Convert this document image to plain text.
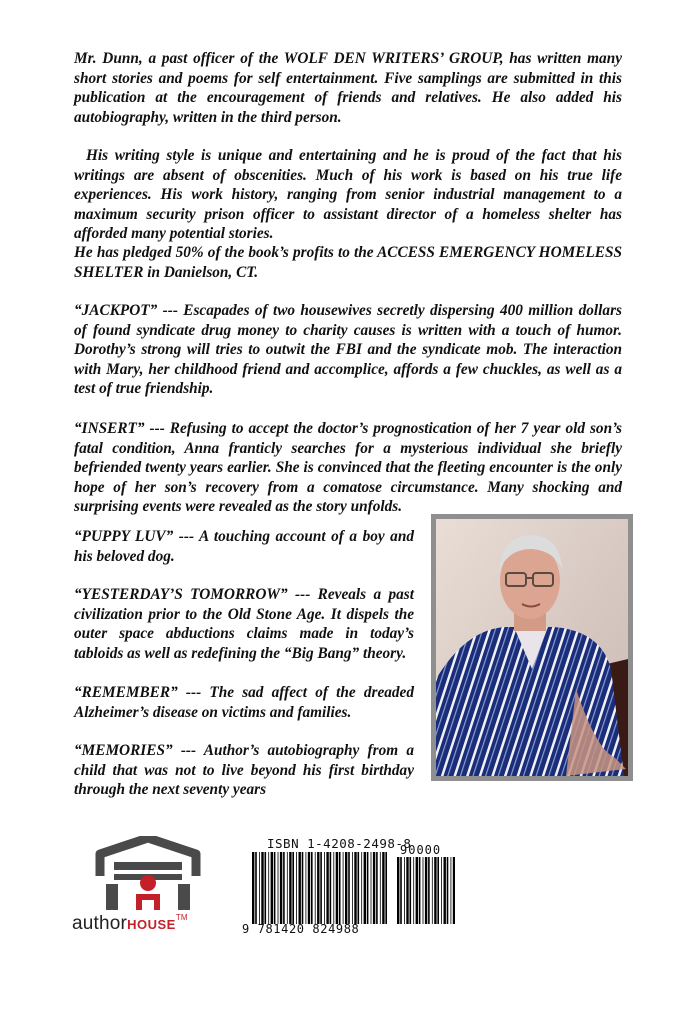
Mr. Dunn, a past officer of the WOLF DEN WRITERS’ GROUP, has written many short stories and poems for self entertainment. Five samplings are submitted in this publication at the encouragement of friends and relatives. He also added his autobiography, written in the third person.

His writing style is unique and entertaining and he is proud of the fact that his writings are absent of obscenities. Much of his work is based on his true life experiences. His work history, ranging from senior industrial management to a maximum security prison officer to assistant director of a homeless shelter has afforded many potential stories.

He has pledged 50% of the book’s profits to the ACCESS EMERGENCY HOMELESS SHELTER in Danielson, CT.

“JACKPOT” --- Escapades of two housewives secretly dispersing 400 million dollars of found syndicate drug money to charity causes is written with a touch of humor. Dorothy’s strong will tries to outwit the FBI and the syndicate mob. The interaction with Mary, her childhood friend and accomplice, affords a few chuckles, as well as a test of true friendship.

“INSERT” --- Refusing to accept the doctor’s prognostication of her 7 year old son’s fatal condition, Anna franticly searches for a mysterious individual she briefly befriended twenty years earlier. She is convinced that the fleeting encounter is the only hope of her son’s recovery from a comatose circumstance. Many shocking and surprising events were revealed as the story unfolds.

“PUPPY LUV” --- A touching account of a boy and his beloved dog.

“YESTERDAY’S TOMORROW” --- Reveals a past civilization prior to the Old Stone Age. It dispels the outer space abductions claims made in today’s tabloids as well as redefining the “Big Bang” theory.

“REMEMBER” --- The sad affect of the dreaded Alzheimer’s disease on victims and families.

“MEMORIES” --- Author’s autobiography from a child that was not to live beyond his first birthday through the next seventy years

authorHOUSE™
ISBN 1-4208-2498-8
90000
9 781420 824988
